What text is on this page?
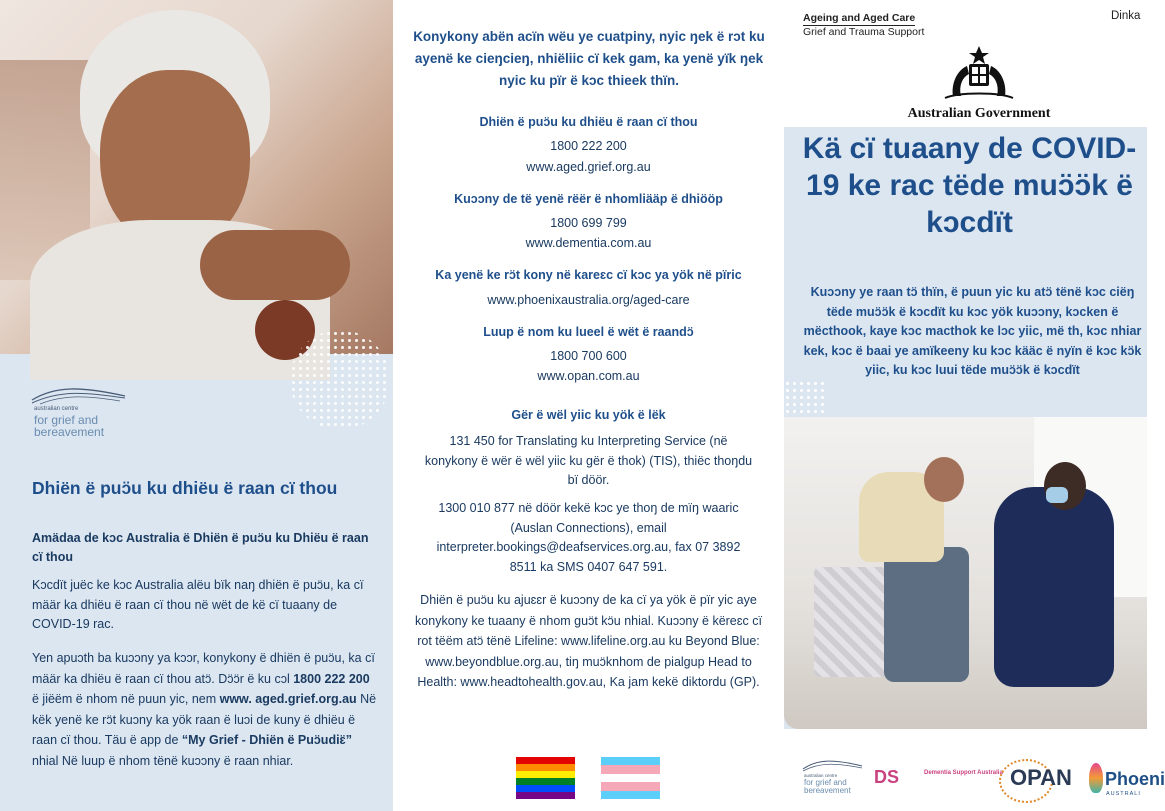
australian centre
for grief and
bereavement
Dhiën ë puɔ̈u ku dhiëu ë raan cï thou
Amädaa de kɔc Australia ë Dhiën ë puɔ̈u ku Dhiëu ë raan cï thou
Kɔcdït juëc ke kɔc Australia alëu bïk naŋ dhiën ë puɔ̈u, ka cï määr ka dhiëu ë raan cï thou në wët de kë cï tuaany de COVID-19 rac.
Yen apuɔth ba kuɔɔny ya kɔɔr, konykony ë dhiën ë puɔ̈u, ka cï määr ka dhiëu ë raan cï thou atɔ̈. Dɔ̈ɔ̈r ë ku cɔl 1800 222 200 ë jiëëm ë nhom në puun yic, nem www. aged.grief.org.au Në këk yenë ke rɔ̈t kuɔny ka yök raan ë luɔi de kuny ë dhiëu ë raan cï thou. Täu ë app de “My Grief - Dhiën ë Puɔ̈udiɛ̈” nhial Në luup ë nhom tënë kuɔɔny ë raan nhiar.
Konykony abën acïn wëu ye cuatpiny, nyic ŋek ë rɔt ku ayenë ke cieŋcieŋ, nhiëliic cï kek gam, ka yenë yïk ŋek nyic ku pïr ë kɔc thieek thïn.
Dhiën ë puɔ̈u ku dhiëu ë raan cï thou
1800 222 200
www.aged.grief.org.au
Kuɔɔny de të yenë rëër ë nhomliääp ë dhiööp
1800 699 799
www.dementia.com.au
Ka yenë ke rɔ̈t kony në kareɛc cï kɔc ya yök në pïric
www.phoenixaustralia.org/aged-care
Luup ë nom ku lueel ë wët ë raandɔ̈
1800 700 600
www.opan.com.au
Gër ë wël yiic ku yök ë lëk
131 450 for Translating ku Interpreting Service (në konykony ë wër ë wël yiic ku gër ë thok) (TIS), thiëc thoŋdu bï döör.
1300 010 877 në döör kekë kɔc ye thoŋ de mïŋ waaric (Auslan Connections), email interpreter.bookings@deafservices.org.au, fax 07 3892 8511 ka SMS 0407 647 591.
Dhiën ë puɔ̈u ku ajuɛɛr ë kuɔɔny de ka cï ya yök ë pïr yic aye konykony ke tuaany ë nhom guɔ̈t kɔ̈u nhial. Kuɔɔny ë këreɛc cï rot tëëm atɔ̈ tënë Lifeline: www.lifeline.org.au ku Beyond Blue: www.beyondblue.org.au, tiŋ muɔ̈knhom de pialgup Head to Health: www.headtohealth.gov.au, Ka jam kekë diktordu (GP).
Ageing and Aged Care
Grief and Trauma Support
Dinka
Australian Government
Kä cï tuaany de COVID-19 ke rac tëde muɔ̈ɔ̈k ë kɔcdït
Kuɔɔny ye raan tɔ̈ thïn, ë puun yic ku atɔ̈ tënë kɔc ciëŋ tëde muɔ̈ɔ̈k ë kɔcdït ku kɔc yök kuɔɔny, kɔcken ë mëcthook, kaye kɔc macthok ke lɔc yiic, më th, kɔc nhiar kek, kɔc ë baai ye amïkeeny ku kɔc kääc ë nyïn ë kɔc kɔ̈k yiic, ku kɔc luui tëde muɔ̈ɔ̈k ë kɔcdït
australian centre
for grief and bereavement
DS	Dementia Support Australia OPAN Phoeni
AUSTRALI
